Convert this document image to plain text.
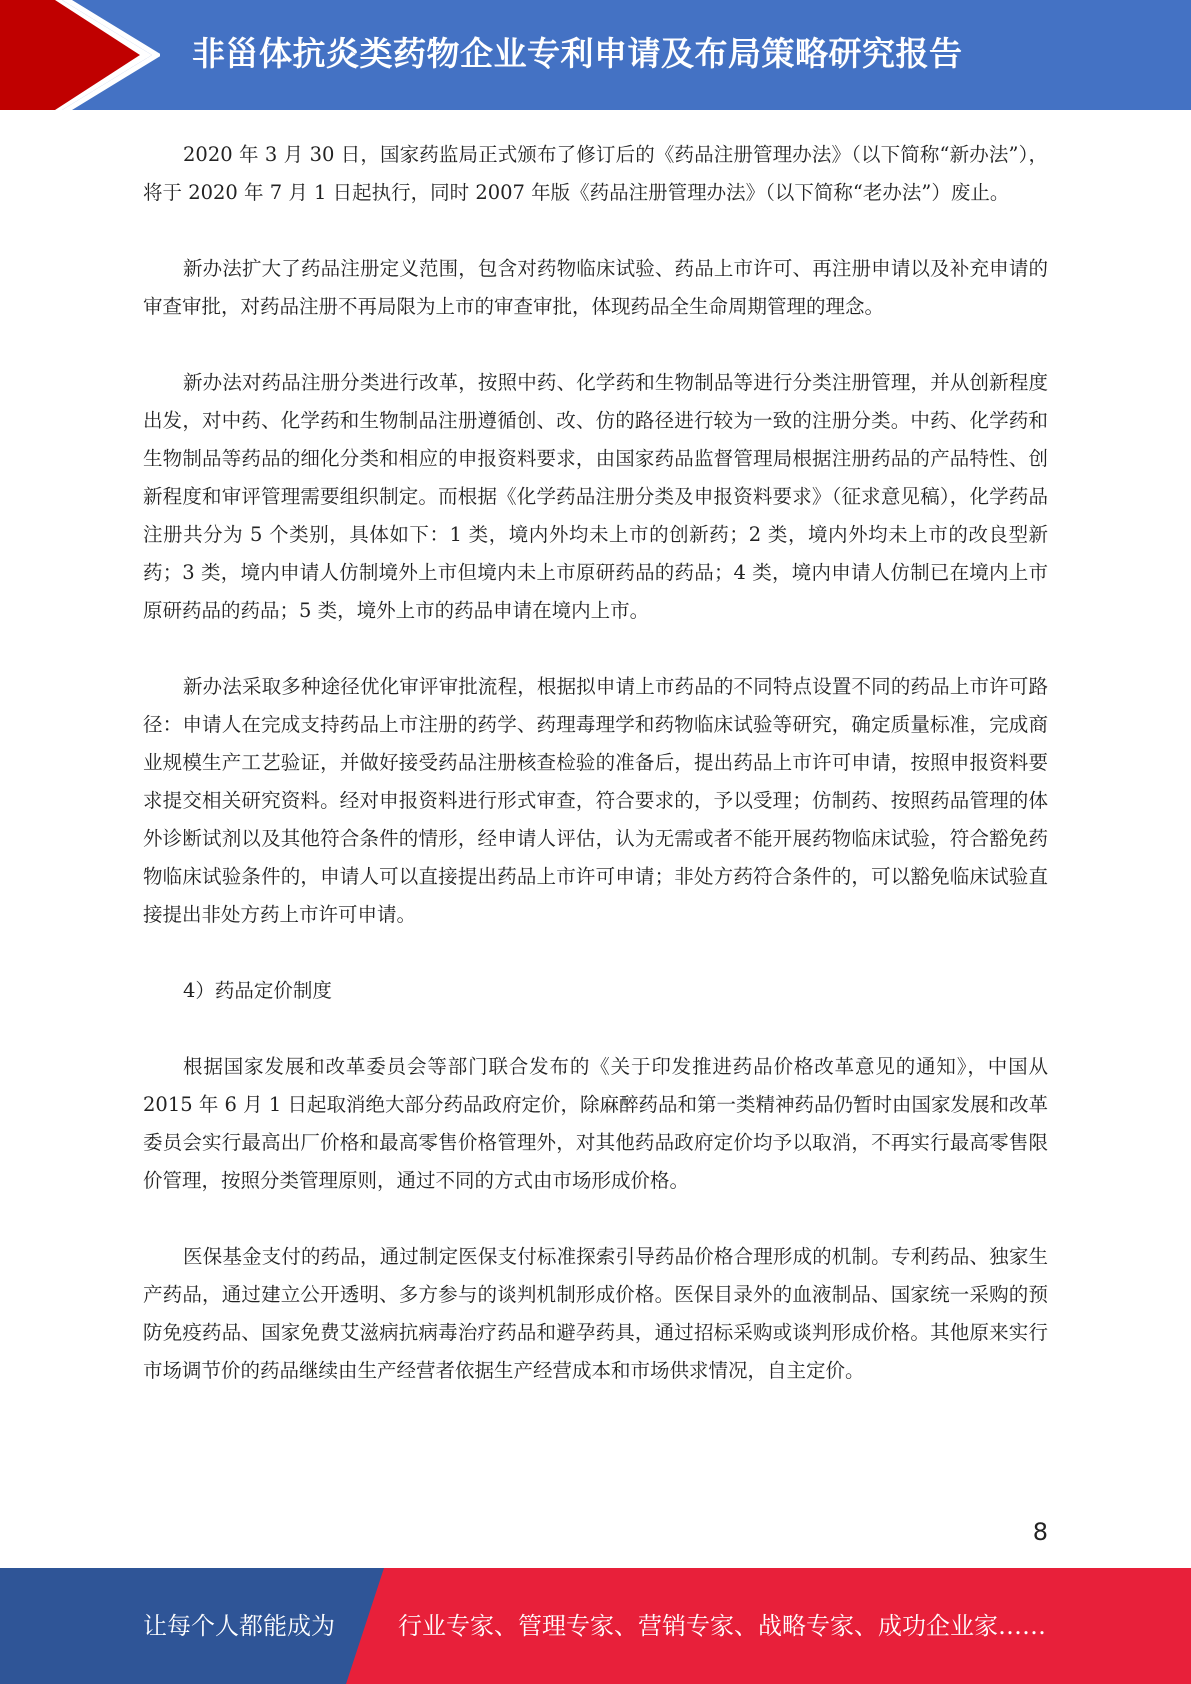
非甾体抗炎类药物企业专利申请及布局策略研究报告

2020 年 3 月 30 日，国家药监局正式颁布了修订后的《药品注册管理办法》（以下简称“新办法”），将于 2020 年 7 月 1 日起执行，同时 2007 年版《药品注册管理办法》（以下简称“老办法”）废止。

新办法扩大了药品注册定义范围，包含对药物临床试验、药品上市许可、再注册申请以及补充申请的审查审批，对药品注册不再局限为上市的审查审批，体现药品全生命周期管理的理念。

新办法对药品注册分类进行改革，按照中药、化学药和生物制品等进行分类注册管理，并从创新程度出发，对中药、化学药和生物制品注册遵循创、改、仿的路径进行较为一致的注册分类。中药、化学药和生物制品等药品的细化分类和相应的申报资料要求，由国家药品监督管理局根据注册药品的产品特性、创新程度和审评管理需要组织制定。而根据《化学药品注册分类及申报资料要求》（征求意见稿），化学药品注册共分为 5 个类别，具体如下：1 类，境内外均未上市的创新药；2 类，境内外均未上市的改良型新药；3 类，境内申请人仿制境外上市但境内未上市原研药品的药品；4 类，境内申请人仿制已在境内上市原研药品的药品；5 类，境外上市的药品申请在境内上市。

新办法采取多种途径优化审评审批流程，根据拟申请上市药品的不同特点设置不同的药品上市许可路径：申请人在完成支持药品上市注册的药学、药理毒理学和药物临床试验等研究，确定质量标准，完成商业规模生产工艺验证，并做好接受药品注册核查检验的准备后，提出药品上市许可申请，按照申报资料要求提交相关研究资料。经对申报资料进行形式审查，符合要求的，予以受理；仿制药、按照药品管理的体外诊断试剂以及其他符合条件的情形，经申请人评估，认为无需或者不能开展药物临床试验，符合豁免药物临床试验条件的，申请人可以直接提出药品上市许可申请；非处方药符合条件的，可以豁免临床试验直接提出非处方药上市许可申请。

4）药品定价制度

根据国家发展和改革委员会等部门联合发布的《关于印发推进药品价格改革意见的通知》，中国从 2015 年 6 月 1 日起取消绝大部分药品政府定价，除麻醉药品和第一类精神药品仍暂时由国家发展和改革委员会实行最高出厂价格和最高零售价格管理外，对其他药品政府定价均予以取消，不再实行最高零售限价管理，按照分类管理原则，通过不同的方式由市场形成价格。

医保基金支付的药品，通过制定医保支付标准探索引导药品价格合理形成的机制。专利药品、独家生产药品，通过建立公开透明、多方参与的谈判机制形成价格。医保目录外的血液制品、国家统一采购的预防免疫药品、国家免费艾滋病抗病毒治疗药品和避孕药具，通过招标采购或谈判形成价格。其他原来实行市场调节价的药品继续由生产经营者依据生产经营成本和市场供求情况，自主定价。

8
让每个人都能成为	行业专家、管理专家、营销专家、战略专家、成功企业家……
